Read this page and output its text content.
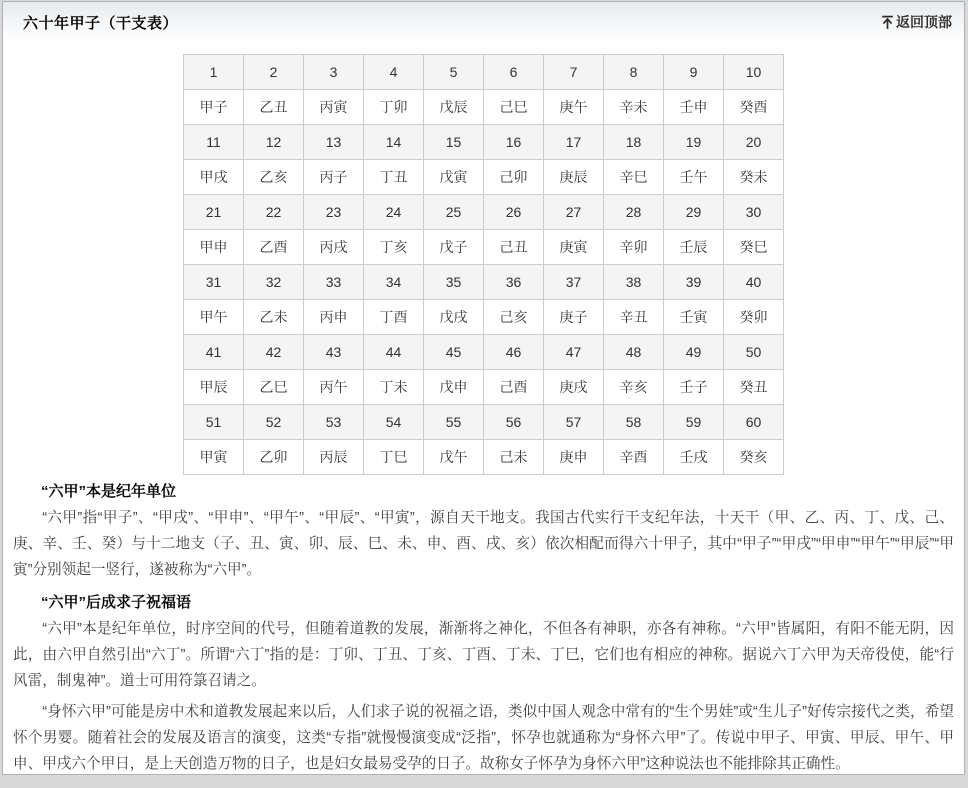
六十年甲子（干支表）	返回顶部
1	2	3	4	5	6	7	8	9	10
甲子	乙丑	丙寅	丁卯	戊辰	己巳	庚午	辛未	壬申	癸酉
11	12	13	14	15	16	17	18	19	20
甲戌	乙亥	丙子	丁丑	戊寅	己卯	庚辰	辛巳	壬午	癸未
21	22	23	24	25	26	27	28	29	30
甲申	乙酉	丙戌	丁亥	戊子	己丑	庚寅	辛卯	壬辰	癸巳
31	32	33	34	35	36	37	38	39	40
甲午	乙未	丙申	丁酉	戊戌	己亥	庚子	辛丑	壬寅	癸卯
41	42	43	44	45	46	47	48	49	50
甲辰	乙巳	丙午	丁未	戊申	己酉	庚戌	辛亥	壬子	癸丑
51	52	53	54	55	56	57	58	59	60
甲寅	乙卯	丙辰	丁巳	戊午	己未	庚申	辛酉	壬戌	癸亥
“六甲”本是纪年单位

“六甲”指“甲子”、“甲戌”、“甲申”、“甲午”、“甲辰”、“甲寅”，源自天干地支。我国古代实行干支纪年法，十天干（甲、乙、丙、丁、戊、己、庚、辛、壬、癸）与十二地支（子、丑、寅、卯、辰、巳、未、申、酉、戌、亥）依次相配而得六十甲子，其中“甲子”“甲戌”“甲申”“甲午”“甲辰”“甲寅”分别领起一竖行，遂被称为“六甲”。

“六甲”后成求子祝福语

“六甲”本是纪年单位，时序空间的代号，但随着道教的发展，渐渐将之神化，不但各有神职，亦各有神称。“六甲”皆属阳，有阳不能无阴，因此，由六甲自然引出“六丁”。所谓“六丁”指的是：丁卯、丁丑、丁亥、丁酉、丁未、丁巳，它们也有相应的神称。据说六丁六甲为天帝役使，能“行风雷，制鬼神”。道士可用符箓召请之。

“身怀六甲”可能是房中术和道教发展起来以后，人们求子说的祝福之语，类似中国人观念中常有的“生个男娃”或“生儿子”好传宗接代之类，希望怀个男婴。随着社会的发展及语言的演变，这类“专指”就慢慢演变成“泛指”，怀孕也就通称为“身怀六甲”了。传说中甲子、甲寅、甲辰、甲午、甲申、甲戌六个甲日，是上天创造万物的日子，也是妇女最易受孕的日子。故称女子怀孕为身怀六甲”这种说法也不能排除其正确性。
